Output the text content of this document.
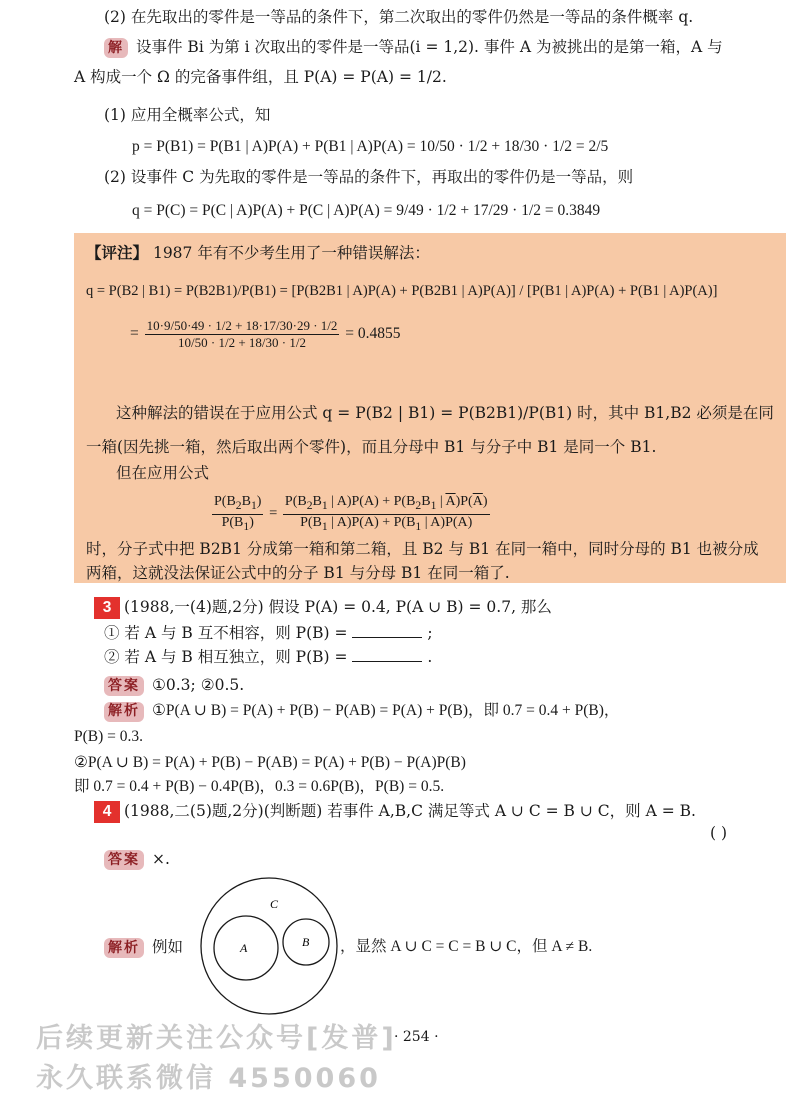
(2) 在先取出的零件是一等品的条件下，第二次取出的零件仍然是一等品的条件概率 q.
解 设事件 Bi 为第 i 次取出的零件是一等品(i = 1,2). 事件 A 为被挑出的是第一箱，A 与
A 构成一个 Ω 的完备事件组，且 P(A) = P(A) = 1/2.
(1) 应用全概率公式，知
p = P(B1) = P(B1 | A)P(A) + P(B1 | A)P(A) = 10/50 · 1/2 + 18/30 · 1/2 = 2/5
(2) 设事件 C 为先取的零件是一等品的条件下，再取出的零件仍是一等品，则
q = P(C) = P(C | A)P(A) + P(C | A)P(A) = 9/49 · 1/2 + 17/29 · 1/2 = 0.3849
【评注】 1987 年有不少考生用了一种错误解法：
q = P(B2 | B1) = P(B2B1)/P(B1) = [P(B2B1 | A)P(A) + P(B2B1 | A)P(A)] / [P(B1 | A)P(A) + P(B1 | A)P(A)]
= $\frac{10\cdot 9/50\cdot 49 \cdot 1/2 + 18\cdot 17/30\cdot 29 \cdot 1/2}{10/50 \cdot 1/2 + 18/30 \cdot 1/2} = 0.4855$
这种解法的错误在于应用公式 q = P(B2 | B1) = P(B2B1)/P(B1) 时，其中 B1,B2 必须是在同
一箱(因先挑一箱，然后取出两个零件)，而且分母中 B1 与分子中 B1 是同一个 B1.
但在应用公式
$\frac{P(B_2B_1)}{P(B_1)} = \frac{P(B_2B_1 | A)P(A) + P(B_2B_1 | \overline{A})P(\overline{A})}{P(B_1 | A)P(A) + P(B_1 | \overline{A})P(\overline{A})}$
时，分子式中把 B2B1 分成第一箱和第二箱，且 B2 与 B1 在同一箱中，同时分母的 B1 也被分成
两箱，这就没法保证公式中的分子 B1 与分母 B1 在同一箱了.
3 (1988,一(4)题,2分) 假设 P(A) = 0.4, P(A ∪ B) = 0.7, 那么
① 若 A 与 B 互不相容，则 P(B) =	;
② 若 A 与 B 相互独立，则 P(B) =	.
答案 ①0.3; ②0.5.
解析 ①P(A ∪ B) = P(A) + P(B) − P(AB) = P(A) + P(B)，即 0.7 = 0.4 + P(B)，
P(B) = 0.3.
②P(A ∪ B) = P(A) + P(B) − P(AB) = P(A) + P(B) − P(A)P(B)
即 0.7 = 0.4 + P(B) − 0.4P(B)，0.3 = 0.6P(B)，P(B) = 0.5.
4 (1988,二(5)题,2分)(判断题) 若事件 A,B,C 满足等式 A ∪ C = B ∪ C，则 A = B.
( )
答案 ×.
解析 例如
C
A	B ，显然 A ∪ C = C = B ∪ C，但 A ≠ B.
后续更新关注公众号[发普]
永久联系微信 4550060
· 254 ·
